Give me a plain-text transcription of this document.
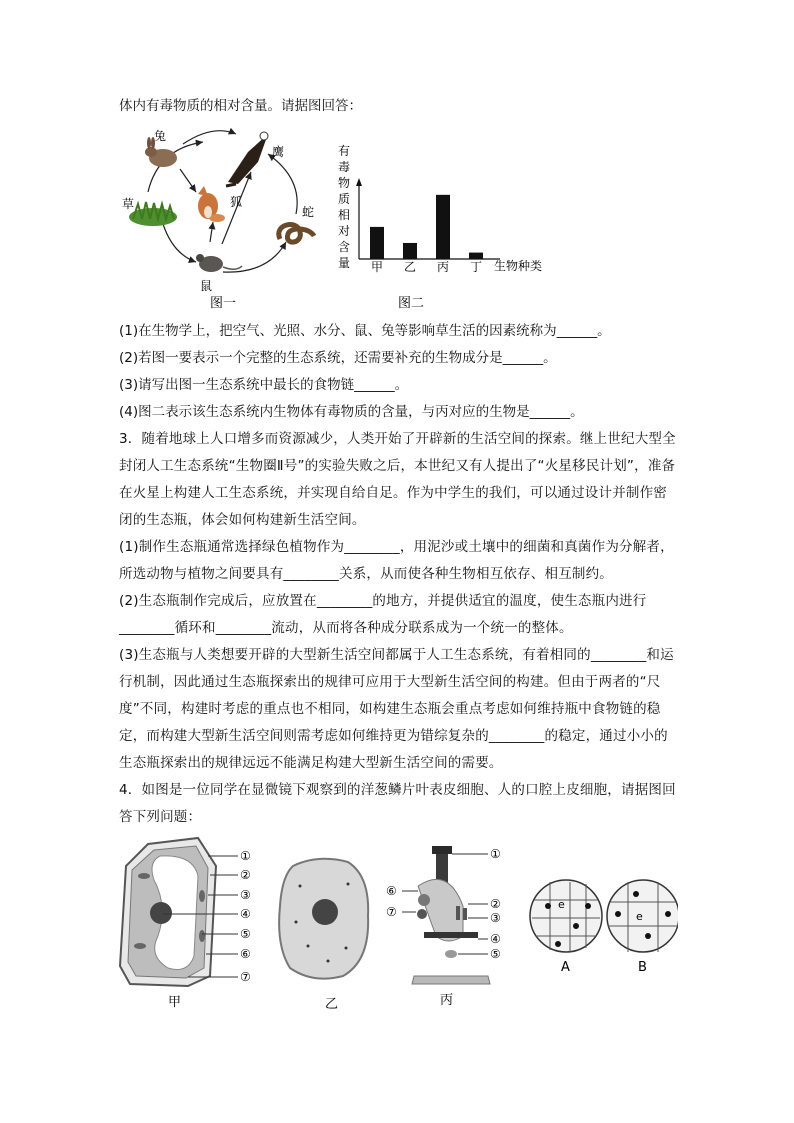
体内有毒物质的相对含量。请据图回答：
兔
鹰
草	狐
蛇
鼠
图一
有
毒
物
质
相
对
含
量 甲 乙 丙 丁 生物种类
图二
(1)在生物学上，把空气、光照、水分、鼠、兔等影响草生活的因素统称为______。
(2)若图一要表示一个完整的生态系统，还需要补充的生物成分是______。
(3)请写出图一生态系统中最长的食物链______。
(4)图二表示该生态系统内生物体有毒物质的含量，与丙对应的生物是______。
3．随着地球上人口增多而资源减少，人类开始了开辟新的生活空间的探索。继上世纪大型全封闭人工生态系统“生物圈Ⅱ号”的实验失败之后，本世纪又有人提出了“火星移民计划”，准备在火星上构建人工生态系统，并实现自给自足。作为中学生的我们，可以通过设计并制作密闭的生态瓶，体会如何构建新生活空间。
(1)制作生态瓶通常选择绿色植物作为________，用泥沙或土壤中的细菌和真菌作为分解者，所选动物与植物之间要具有________关系，从而使各种生物相互依存、相互制约。
(2)生态瓶制作完成后，应放置在________的地方，并提供适宜的温度，使生态瓶内进行________循环和________流动，从而将各种成分联系成为一个统一的整体。
(3)生态瓶与人类想要开辟的大型新生活空间都属于人工生态系统，有着相同的________和运行机制，因此通过生态瓶探索出的规律可应用于大型新生活空间的构建。但由于两者的“尺度”不同，构建时考虑的重点也不相同，如构建生态瓶会重点考虑如何维持瓶中食物链的稳定，而构建大型新生活空间则需考虑如何维持更为错综复杂的________的稳定，通过小小的生态瓶探索出的规律远远不能满足构建大型新生活空间的需要。
4．如图是一位同学在显微镜下观察到的洋葱鳞片叶表皮细胞、人的口腔上皮细胞，请据图回答下列问题：
①
②
③
④
⑤
⑥
⑦
甲	乙
①
②
③
④
⑤
⑥
⑦
丙
e
A
e
B
